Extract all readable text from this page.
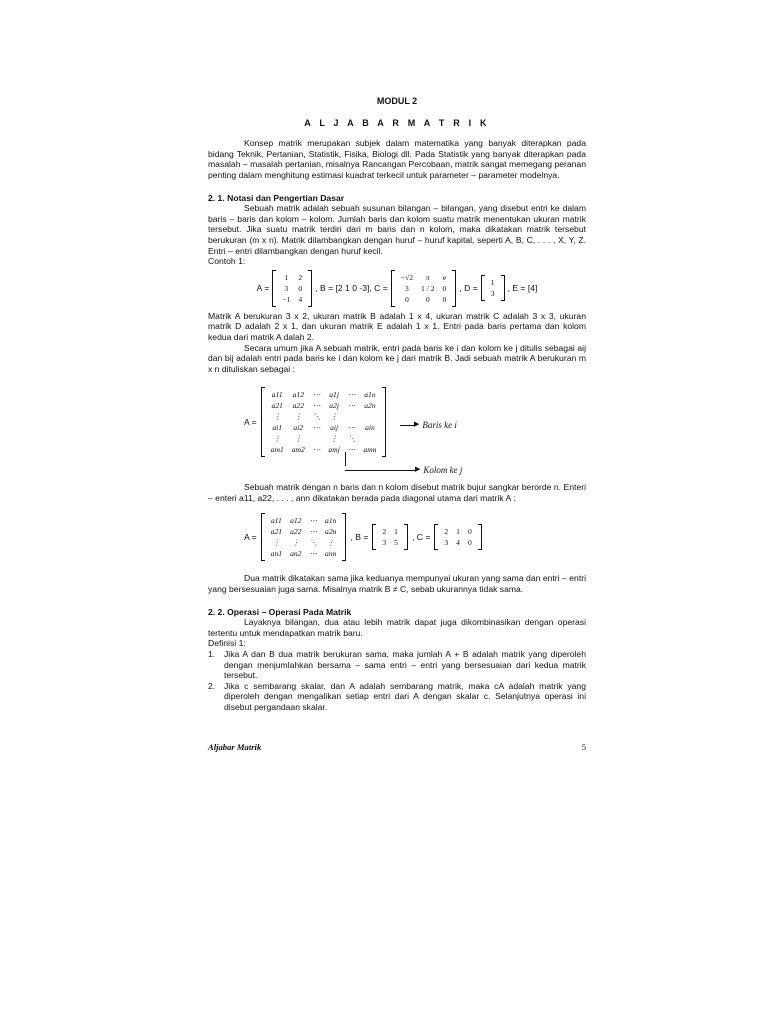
MODUL 2
A L J A B A R M A T R I K

Konsep matrik merupakan subjek dalam matematika yang banyak diterapkan pada bidang Teknik, Pertanian, Statistik, Fisika, Biologi dll. Pada Statistik yang banyak diterapkan pada masalah – masalah pertanian, misalnya Rancangan Percobaan, matrik sangat memegang peranan penting dalam menghitung estimasi kuadrat terkecil untuk parameter – parameter modelnya.

2. 1. Notasi dan Pengertian Dasar

Sebuah matrik adalah sebuah susunan bilangan – bilangan, yang disebut entri ke dalam baris – baris dan kolom – kolom. Jumlah baris dan kolom suatu matrik menentukan ukuran matrik tersebut. Jika suatu matrik terdiri dari m baris dan n kolom, maka dikatakan matrik tersebut berukuran (m x n). Matrik dilambangkan dengan huruf – huruf kapital, seperti A, B, C, . . . , X, Y, Z. Entri – entri dilambangkan dengan huruf kecil.

Contoh 1:

A =
1	2
3	0
−1	4
, B = [2 1 0 -3], C =
−√2	π	e
3	1 / 2	0
0	0	0
, D =
1
3
, E = [4]

Matrik A berukuran 3 x 2, ukuran matrik B adalah 1 x 4, ukuran matrik C adalah 3 x 3, ukuran matrik D adalah 2 x 1, dan ukuran matrik E adalah 1 x 1. Entri pada baris pertama dan kolom kedua dari matrik A dalah 2.

Secara umum jika A sebuah matrik, entri pada baris ke i dan kolom ke j ditulis sebagai aij dan bij adalah entri pada baris ke i dan kolom ke j dari matrik B. Jadi sebuah matrik A berukuran m x n dituliskan sebagai :

A =
a11	a12	⋯	a1j	⋯	a1n
a21	a22	⋯	a2j	⋯	a2n
⋮	⋮	⋱	⋮		
ai1	ai2	⋯	aij	⋯	ain
⋮	⋮		⋮	⋱	
am1	am2	⋯	amj	⋯	amn
▶ Baris ke i
▶ Kolom ke j

Sebuah matrik dengan n baris dan n kolom disebut matrik bujur sangkar berorde n. Enteri – enteri a11, a22, . . . , ann dikatakan berada pada diagonal utama dari matrik A :

A =
a11	a12	⋯	a1n
a21	a22	⋯	a2n
⋮	⋮	⋱	⋮
an1	an2	⋯	ann
, B =
2	1
3	5
, C =
2	1	0
3	4	0

Dua matrik dikatakan sama jika keduanya mempunyai ukuran yang sama dan entri – entri yang bersesuaian juga sama. Misalnya matrik B ≠ C, sebab ukurannya tidak sama.

2. 2. Operasi – Operasi Pada Matrik

Layaknya bilangan, dua atau lebih matrik dapat juga dikombinasikan dengan operasi tertentu untuk mendapatkan matrik baru.

Definisi 1:

1.	Jika A dan B dua matrik berukuran sama, maka jumlah A + B adalah matrik yang diperoleh dengan menjumlahkan bersama – sama entri – entri yang bersesuaian dari kedua matrik tersebut.
2.	Jika c sembarang skalar, dan A adalah sembarang matrik, maka cA adalah matrik yang diperoleh dengan mengalikan setiap entri dari A dengan skalar c. Selanjutnya operasi ini disebut pergandaan skalar.
Aljabar Matrik	5
